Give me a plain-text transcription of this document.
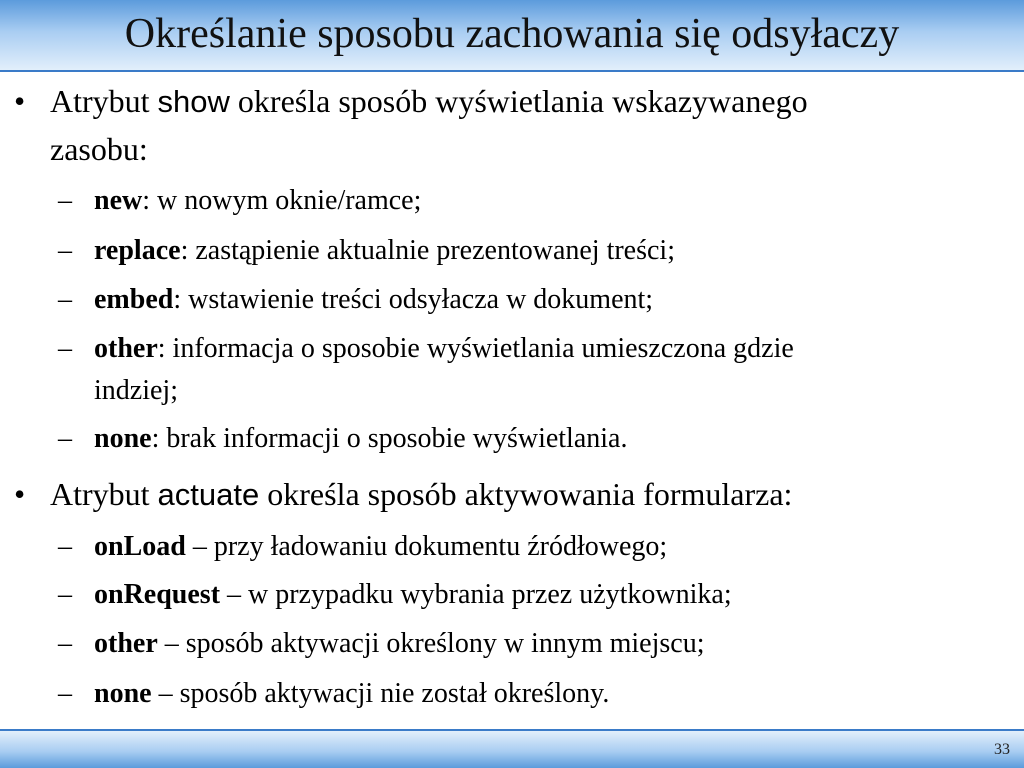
Określanie sposobu zachowania się odsyłaczy
• Atrybut show określa sposób wyświetlania wskazywanego
zasobu:
– new: w nowym oknie/ramce;
– replace: zastąpienie aktualnie prezentowanej treści;
– embed: wstawienie treści odsyłacza w dokument;
– other: informacja o sposobie wyświetlania umieszczona gdzie
indziej;
– none: brak informacji o sposobie wyświetlania.
• Atrybut actuate określa sposób aktywowania formularza:
– onLoad – przy ładowaniu dokumentu źródłowego;
– onRequest – w przypadku wybrania przez użytkownika;
– other – sposób aktywacji określony w innym miejscu;
– none – sposób aktywacji nie został określony.
33
